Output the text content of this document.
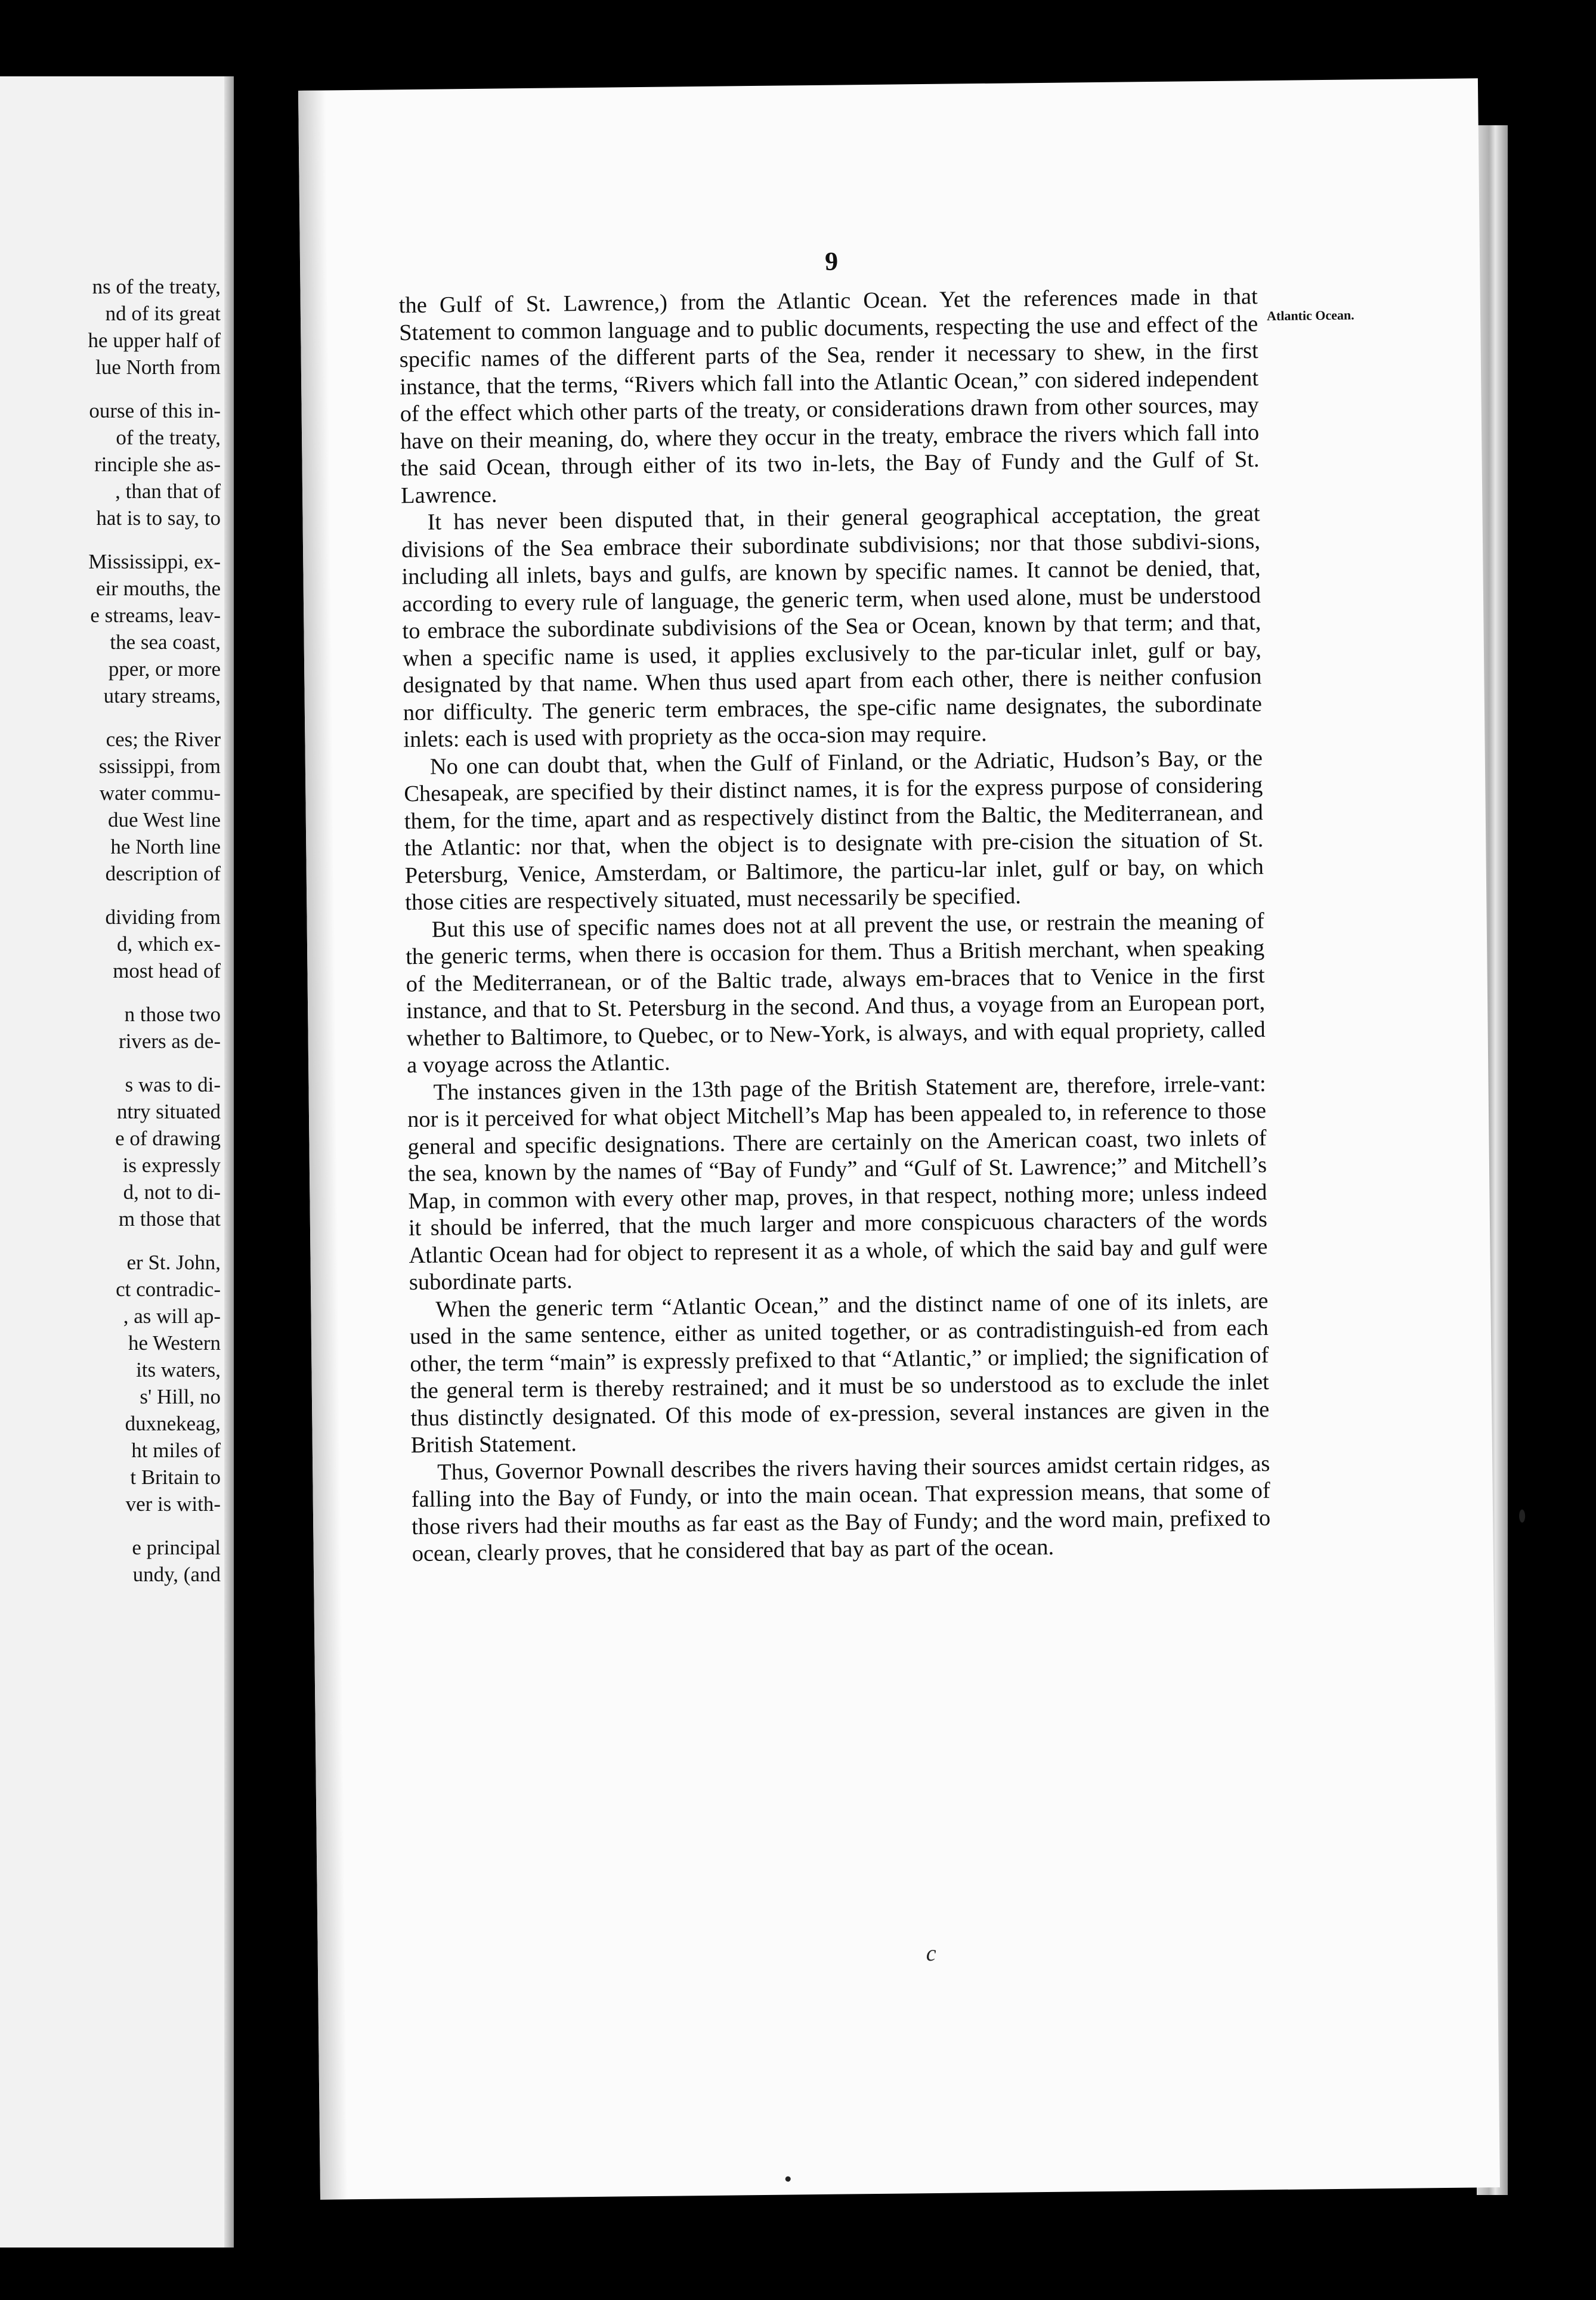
ns of the treaty,
nd of its great
he upper half of
lue North from
ourse of this in-
of the treaty,
rinciple she as-
, than that of
hat is to say, to
Mississippi, ex-
eir mouths, the
e streams, leav-
the sea coast,
pper, or more
utary streams,
ces; the River
ssissippi, from
water commu-
due West line
he North line
description of
dividing from
d, which ex-
most head of
n those two
rivers as de-
s was to di-
ntry situated
e of drawing
is expressly
d, not to di-
m those that
er St. John,
ct contradic-
, as will ap-
he Western
its waters,
s' Hill, no
duxnekeag,
ht miles of
t Britain to
ver is with-
e principal
undy, (and
9
Atlantic Ocean.

the Gulf of St. Lawrence,) from the Atlantic Ocean. Yet the references made in that Statement to common language and to public documents, respecting the use and effect of the specific names of the different parts of the Sea, render it necessary to shew, in the first instance, that the terms, “Rivers which fall into the Atlantic Ocean,” con sidered independent of the effect which other parts of the treaty, or considerations drawn from other sources, may have on their meaning, do, where they occur in the treaty, embrace the rivers which fall into the said Ocean, through either of its two in-lets, the Bay of Fundy and the Gulf of St. Lawrence.

It has never been disputed that, in their general geographical acceptation, the great divisions of the Sea embrace their subordinate subdivisions; nor that those subdivi-sions, including all inlets, bays and gulfs, are known by specific names. It cannot be denied, that, according to every rule of language, the generic term, when used alone, must be understood to embrace the subordinate subdivisions of the Sea or Ocean, known by that term; and that, when a specific name is used, it applies exclusively to the par-ticular inlet, gulf or bay, designated by that name. When thus used apart from each other, there is neither confusion nor difficulty. The generic term embraces, the spe-cific name designates, the subordinate inlets: each is used with propriety as the occa-sion may require.

No one can doubt that, when the Gulf of Finland, or the Adriatic, Hudson’s Bay, or the Chesapeak, are specified by their distinct names, it is for the express purpose of considering them, for the time, apart and as respectively distinct from the Baltic, the Mediterranean, and the Atlantic: nor that, when the object is to designate with pre-cision the situation of St. Petersburg, Venice, Amsterdam, or Baltimore, the particu-lar inlet, gulf or bay, on which those cities are respectively situated, must necessarily be specified.

But this use of specific names does not at all prevent the use, or restrain the meaning of the generic terms, when there is occasion for them. Thus a British merchant, when speaking of the Mediterranean, or of the Baltic trade, always em-braces that to Venice in the first instance, and that to St. Petersburg in the second. And thus, a voyage from an European port, whether to Baltimore, to Quebec, or to New-York, is always, and with equal propriety, called a voyage across the Atlantic.

The instances given in the 13th page of the British Statement are, therefore, irrele-vant: nor is it perceived for what object Mitchell’s Map has been appealed to, in reference to those general and specific designations. There are certainly on the American coast, two inlets of the sea, known by the names of “Bay of Fundy” and “Gulf of St. Lawrence;” and Mitchell’s Map, in common with every other map, proves, in that respect, nothing more; unless indeed it should be inferred, that the much larger and more conspicuous characters of the words Atlantic Ocean had for object to represent it as a whole, of which the said bay and gulf were subordinate parts.

When the generic term “Atlantic Ocean,” and the distinct name of one of its inlets, are used in the same sentence, either as united together, or as contradistinguish-ed from each other, the term “main” is expressly prefixed to that “Atlantic,” or implied; the signification of the general term is thereby restrained; and it must be so understood as to exclude the inlet thus distinctly designated. Of this mode of ex-pression, several instances are given in the British Statement.

Thus, Governor Pownall describes the rivers having their sources amidst certain ridges, as falling into the Bay of Fundy, or into the main ocean. That expression means, that some of those rivers had their mouths as far east as the Bay of Fundy; and the word main, prefixed to ocean, clearly proves, that he considered that bay as part of the ocean.

c
